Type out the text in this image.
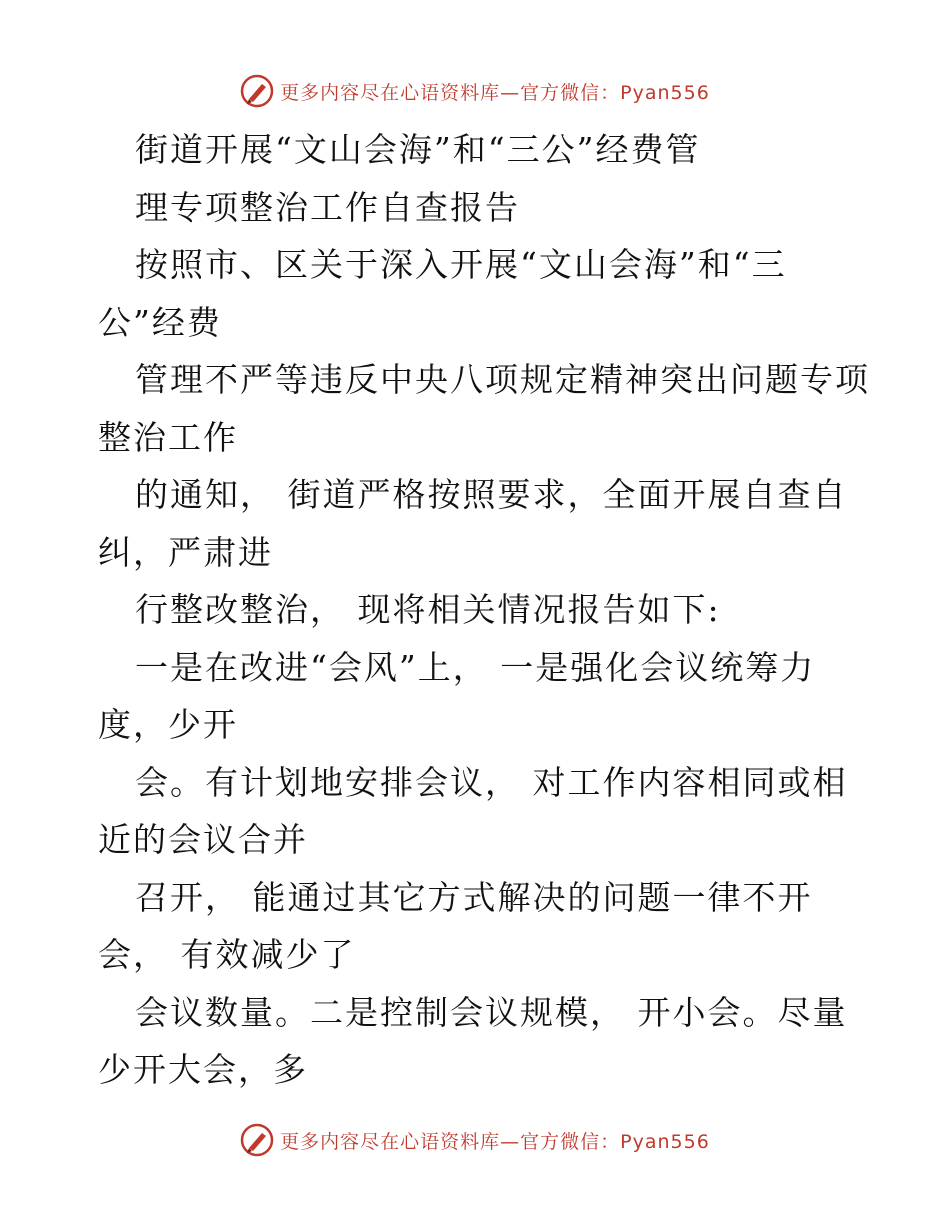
更多内容尽在心语资料库—官方微信：Pyan556
街道开展“文山会海”和“三公”经费管
理专项整治工作自查报告
按照市、区关于深入开展“文山会海”和“三
公”经费
管理不严等违反中央八项规定精神突出问题专项
整治工作
的通知， 街道严格按照要求，全面开展自查自
纠，严肃进
行整改整治， 现将相关情况报告如下:
一是在改进“会风”上， 一是强化会议统筹力
度，少开
会。有计划地安排会议， 对工作内容相同或相
近的会议合并
召开， 能通过其它方式解决的问题一律不开
会， 有效减少了
会议数量。二是控制会议规模， 开小会。尽量
少开大会，多
更多内容尽在心语资料库—官方微信：Pyan556
